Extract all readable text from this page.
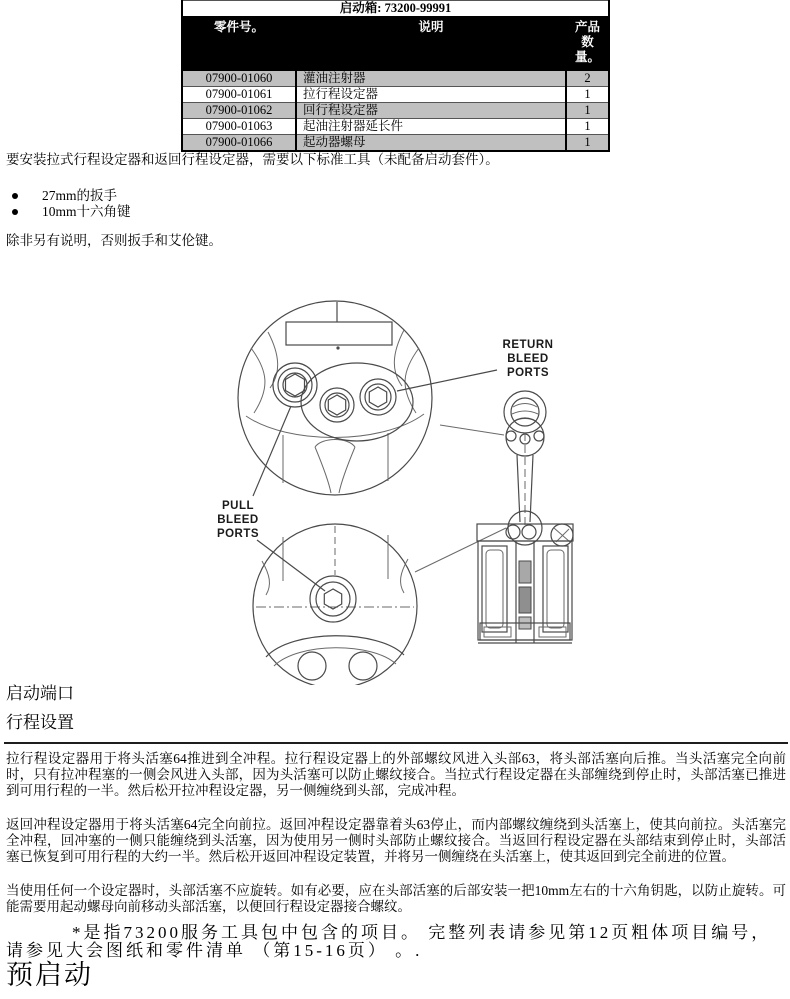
启动箱: 73200-99991		
零件号。	说明	产品数量。
07900-01060	灌油注射器	2
07900-01061	拉行程设定器	1
07900-01062	回行程设定器	1
07900-01063	起油注射器延长件	1
07900-01066	起动器螺母	1
要安装拉式行程设定器和返回行程设定器，需要以下标准工具（未配备启动套件）。
27mm的扳手
10mm十六角键
除非另有说明，否则扳手和艾伦键。
RETURN
BLEED
PORTS
PULL
BLEED
PORTS
启动端口
行程设置
拉行程设定器用于将头活塞64推进到全冲程。拉行程设定器上的外部螺纹风进入头部63，将头部活塞向后推。当头活塞完全向前时，只有拉冲程塞的一侧会风进入头部，因为头活塞可以防止螺纹接合。当拉式行程设定器在头部缠绕到停止时，头部活塞已推进到可用行程的一半。然后松开拉冲程设定器，另一侧缠绕到头部，完成冲程。
返回冲程设定器用于将头活塞64完全向前拉。返回冲程设定器靠着头63停止，而内部螺纹缠绕到头活塞上，使其向前拉。头活塞完全冲程，回冲塞的一侧只能缠绕到头活塞，因为使用另一侧时头部防止螺纹接合。当返回行程设定器在头部结束到停止时，头部活塞已恢复到可用行程的大约一半。然后松开返回冲程设定装置，并将另一侧缠绕在头活塞上，使其返回到完全前进的位置。
当使用任何一个设定器时，头部活塞不应旋转。如有必要，应在头部活塞的后部安装一把10mm左右的十六角钥匙，以防止旋转。可能需要用起动螺母向前移动头部活塞，以便回行程设定器接合螺纹。
*是指73200服务工具包中包含的项目。 完整列表请参见第12页粗体项目编号， 请参见大会图纸和零件清单 （第15-16页） 。.
预启动
